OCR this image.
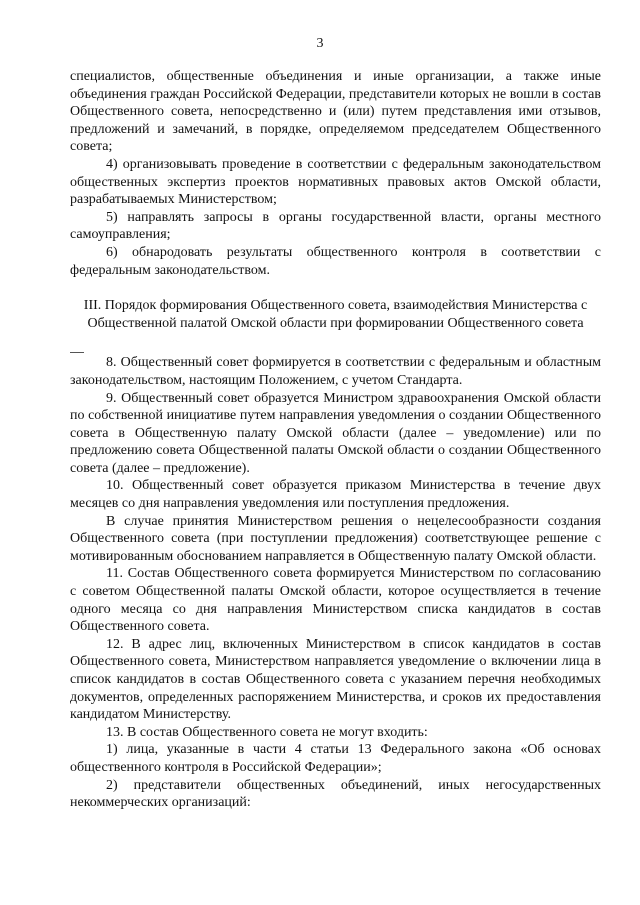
3

специалистов, общественные объединения и иные организации, а также иные объединения граждан Российской Федерации, представители которых не вошли в состав Общественного совета, непосредственно и (или) путем представления ими отзывов, предложений и замечаний, в порядке, определяемом председателем Общественного совета;

4) организовывать проведение в соответствии с федеральным законодательством общественных экспертиз проектов нормативных правовых актов Омской области, разрабатываемых Министерством;

5) направлять запросы в органы государственной власти, органы местного самоуправления;

6) обнародовать результаты общественного контроля в соответствии с федеральным законодательством.

III. Порядок формирования Общественного совета, взаимодействия Министерства с Общественной палатой Омской области при формировании Общественного совета

8. Общественный совет формируется в соответствии с федеральным и областным законодательством, настоящим Положением, с учетом Стандарта.

9. Общественный совет образуется Министром здравоохранения Омской области по собственной инициативе путем направления уведомления о создании Общественного совета в Общественную палату Омской области (далее – уведомление) или по предложению совета Общественной палаты Омской области о создании Общественного совета (далее – предложение).

10. Общественный совет образуется приказом Министерства в течение двух месяцев со дня направления уведомления или поступления предложения.

В случае принятия Министерством решения о нецелесообразности создания Общественного совета (при поступлении предложения) соответствующее решение с мотивированным обоснованием направляется в Общественную палату Омской области.

11. Состав Общественного совета формируется Министерством по согласованию с советом Общественной палаты Омской области, которое осуществляется в течение одного месяца со дня направления Министерством списка кандидатов в состав Общественного совета.

12. В адрес лиц, включенных Министерством в список кандидатов в состав Общественного совета, Министерством направляется уведомление о включении лица в список кандидатов в состав Общественного совета с указанием перечня необходимых документов, определенных распоряжением Министерства, и сроков их предоставления кандидатом Министерству.

13. В состав Общественного совета не могут входить:

1) лица, указанные в части 4 статьи 13 Федерального закона «Об основах общественного контроля в Российской Федерации»;

2) представители общественных объединений, иных негосударственных некоммерческих организаций:
